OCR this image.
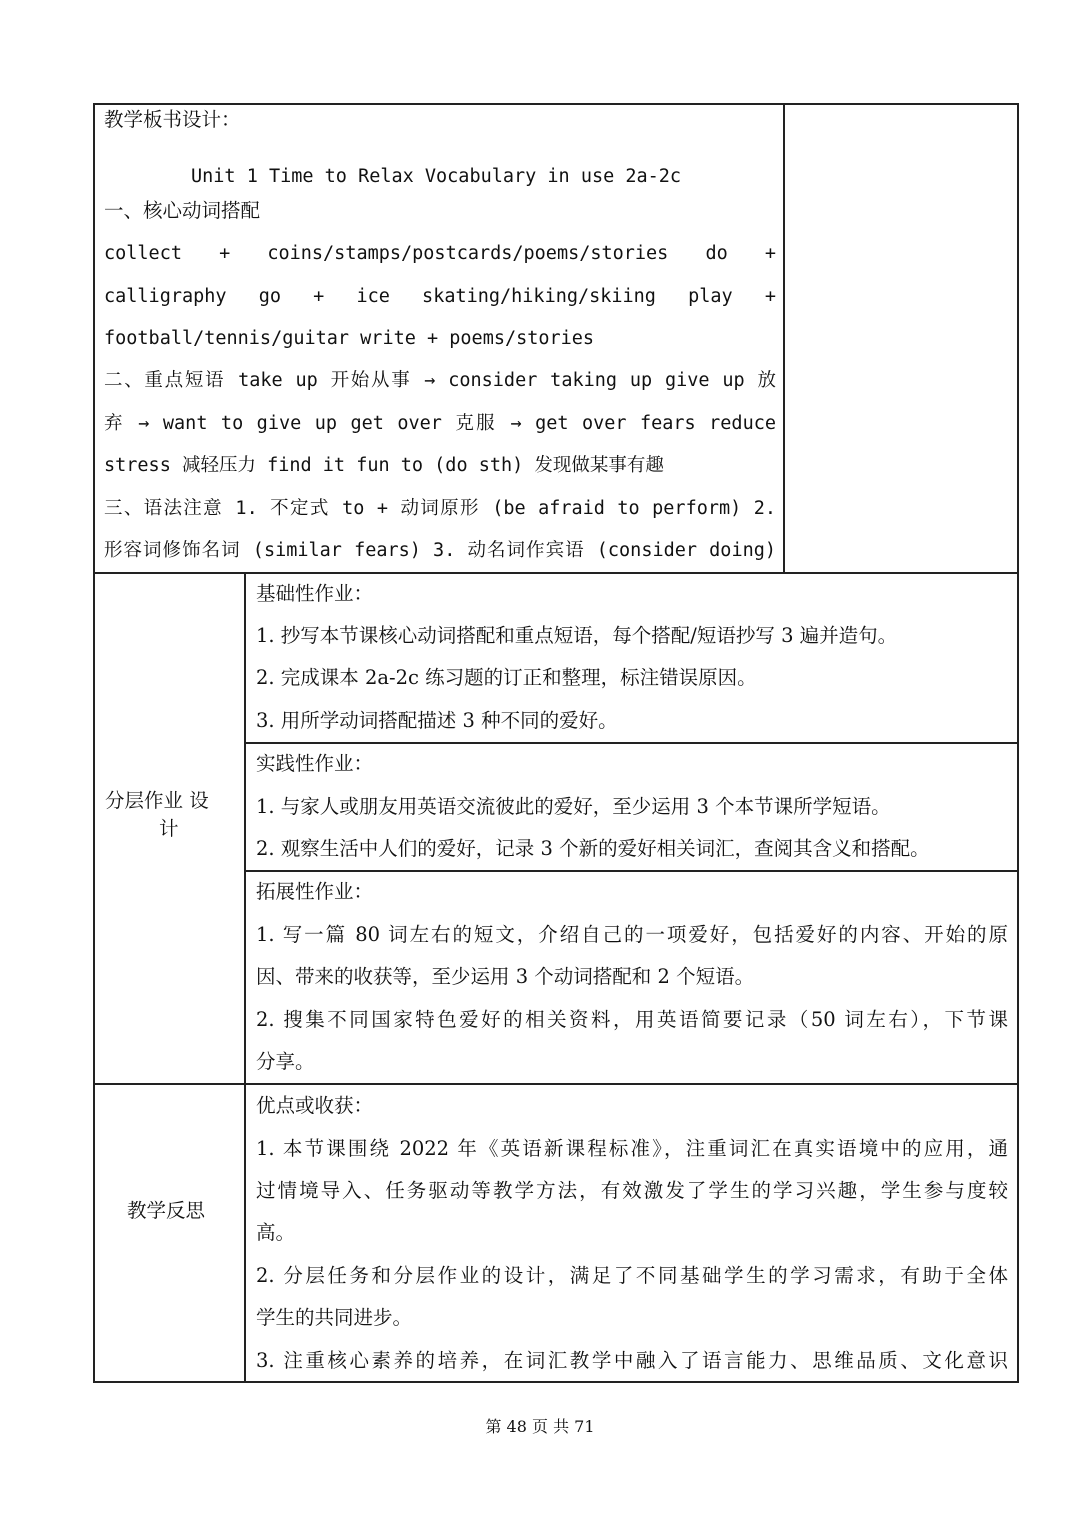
教学板书设计：
Unit 1 Time to Relax Vocabulary in use 2a-2c
一、核心动词搭配
collect + coins/stamps/postcards/poems/stories do +
calligraphy go + ice skating/hiking/skiing play +
football/tennis/guitar write + poems/stories
二、重点短语 take up 开始从事 → consider taking up give up 放
弃 → want to give up get over 克服 → get over fears reduce
stress 减轻压力 find it fun to (do sth) 发现做某事有趣
三、语法注意 1. 不定式 to + 动词原形 (be afraid to perform) 2.
形容词修饰名词 (similar fears) 3. 动名词作宾语 (consider doing)
分层作业 设
计
基础性作业：
1. 抄写本节课核心动词搭配和重点短语，每个搭配/短语抄写 3 遍并造句。
2. 完成课本 2a-2c 练习题的订正和整理，标注错误原因。
3. 用所学动词搭配描述 3 种不同的爱好。
实践性作业：
1. 与家人或朋友用英语交流彼此的爱好，至少运用 3 个本节课所学短语。
2. 观察生活中人们的爱好，记录 3 个新的爱好相关词汇，查阅其含义和搭配。
拓展性作业：
1. 写一篇 80 词左右的短文，介绍自己的一项爱好，包括爱好的内容、开始的原
因、带来的收获等，至少运用 3 个动词搭配和 2 个短语。
2. 搜集不同国家特色爱好的相关资料，用英语简要记录（50 词左右），下节课
分享。
教学反思
优点或收获：
1. 本节课围绕 2022 年《英语新课程标准》，注重词汇在真实语境中的应用，通
过情境导入、任务驱动等教学方法，有效激发了学生的学习兴趣，学生参与度较
高。
2. 分层任务和分层作业的设计，满足了不同基础学生的学习需求，有助于全体
学生的共同进步。
3. 注重核心素养的培养，在词汇教学中融入了语言能力、思维品质、文化意识
第 48 页 共 71
